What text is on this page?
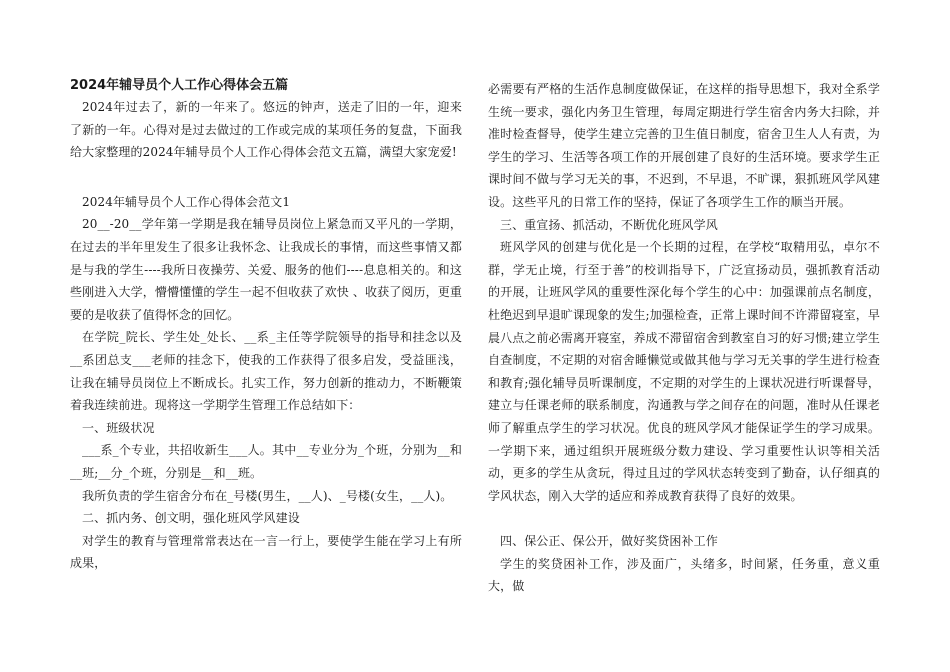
2024年辅导员个人工作心得体会五篇

2024年过去了，新的一年来了。悠远的钟声，送走了旧的一年，迎来了新的一年。心得对是过去做过的工作或完成的某项任务的复盘，下面我给大家整理的2024年辅导员个人工作心得体会范文五篇，满望大家宠爱!

2024年辅导员个人工作心得体会范文1

20__-20__学年第一学期是我在辅导员岗位上紧急而又平凡的一学期，在过去的半年里发生了很多让我怀念、让我成长的事情，而这些事情又都是与我的学生----我所日夜操劳、关爱、服务的他们----息息相关的。和这些刚进入大学，懵懵懂懂的学生一起不但收获了欢快 、收获了阅历，更重要的是收获了值得怀念的回忆。

在学院_院长、学生处_处长、__系_主任等学院领导的指导和挂念以及__系团总支___老师的挂念下，使我的工作获得了很多启发，受益匪浅，让我在辅导员岗位上不断成长。扎实工作，努力创新的推动力，不断鞭策着我连续前进。现将这一学期学生管理工作总结如下：

一、班级状况

___系_个专业，共招收新生___人。其中__专业分为_个班，分别为__和__班;__分_个班，分别是__和__班。

我所负责的学生宿舍分布在_号楼(男生，__人)、_号楼(女生，__人)。

二、抓内务、创文明，强化班风学风建设

对学生的教育与管理常常表达在一言一行上，要使学生能在学习上有所成果，

必需要有严格的生活作息制度做保证，在这样的指导思想下，我对全系学生统一要求，强化内务卫生管理，每周定期进行学生宿舍内务大扫除，并准时检查督导，使学生建立完善的卫生值日制度，宿舍卫生人人有责，为学生的学习、生活等各项工作的开展创建了良好的生活环境。要求学生正课时间不做与学习无关的事，不迟到，不早退，不旷课，狠抓班风学风建设。这些平凡的日常工作的坚持，保证了各项学生工作的顺当开展。

三、重宣扬、抓活动，不断优化班风学风

班风学风的创建与优化是一个长期的过程，在学校“取精用弘，卓尔不群，学无止境，行至于善”的校训指导下，广泛宣扬动员，强抓教育活动的开展，让班风学风的重要性深化每个学生的心中：加强课前点名制度，杜绝迟到早退旷课现象的发生;加强检查，正常上课时间不许滞留寝室，早晨八点之前必需离开寝室，养成不滞留宿舍到教室自习的好习惯;建立学生自查制度，不定期的对宿舍睡懒觉或做其他与学习无关事的学生进行检查和教育;强化辅导员听课制度，不定期的对学生的上课状况进行听课督导，建立与任课老师的联系制度，沟通教与学之间存在的问题，准时从任课老师了解重点学生的学习状况。优良的班风学风才能保证学生的学习成果。一学期下来，通过组织开展班级分数力建设、学习重要性认识等相关活动，更多的学生从贪玩，得过且过的学风状态转变到了勤奋，认仔细真的学风状态，刚入大学的适应和养成教育获得了良好的效果。

四、保公正、保公开，做好奖贷困补工作

学生的奖贷困补工作，涉及面广，头绪多，时间紧，任务重，意义重大，做
